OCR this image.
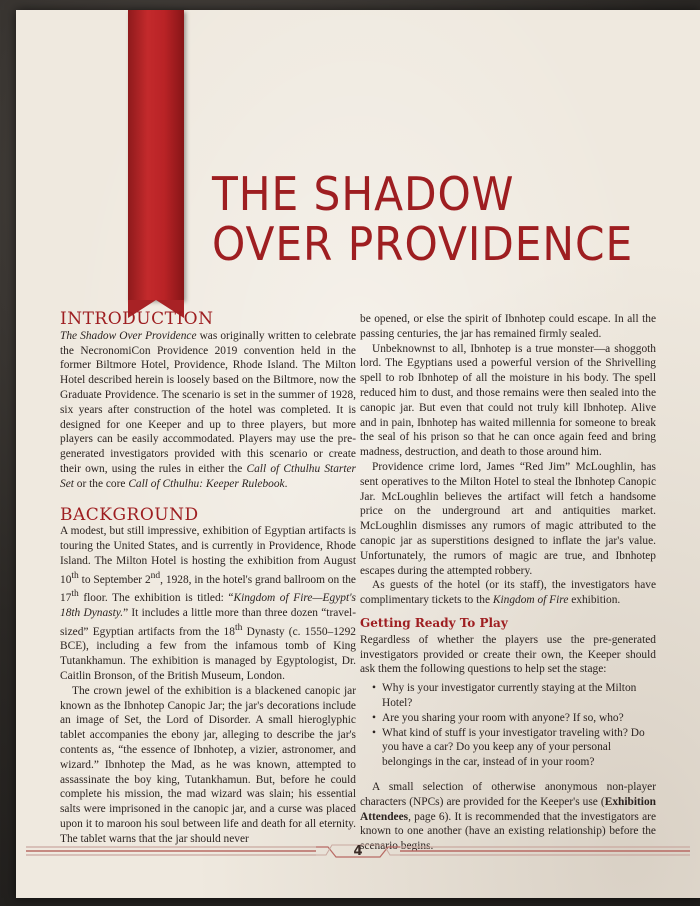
THE SHADOW
OVER PROVIDENCE
INTRODUCTION

The Shadow Over Providence was originally written to celebrate the NecronomiCon Providence 2019 convention held in the former Biltmore Hotel, Providence, Rhode Island. The Milton Hotel described herein is loosely based on the Biltmore, now the Graduate Providence. The scenario is set in the summer of 1928, six years after construction of the hotel was completed. It is designed for one Keeper and up to three players, but more players can be easily accommodated. Players may use the pre-generated investigators provided with this scenario or create their own, using the rules in either the Call of Cthulhu Starter Set or the core Call of Cthulhu: Keeper Rulebook.

BACKGROUND

A modest, but still impressive, exhibition of Egyptian artifacts is touring the United States, and is currently in Providence, Rhode Island. The Milton Hotel is hosting the exhibition from August 10th to September 2nd, 1928, in the hotel's grand ballroom on the 17th floor. The exhibition is titled: “Kingdom of Fire—Egypt's 18th Dynasty.” It includes a little more than three dozen “travel-sized” Egyptian artifacts from the 18th Dynasty (c. 1550–1292 BCE), including a few from the infamous tomb of King Tutankhamun. The exhibition is managed by Egyptologist, Dr. Caitlin Bronson, of the British Museum, London.

The crown jewel of the exhibition is a blackened canopic jar known as the Ibnhotep Canopic Jar; the jar's decorations include an image of Set, the Lord of Disorder. A small hieroglyphic tablet accompanies the ebony jar, alleging to describe the jar's contents as, “the essence of Ibnhotep, a vizier, astronomer, and wizard.” Ibnhotep the Mad, as he was known, attempted to assassinate the boy king, Tutankhamun. But, before he could complete his mission, the mad wizard was slain; his essential salts were imprisoned in the canopic jar, and a curse was placed upon it to maroon his soul between life and death for all eternity. The tablet warns that the jar should never

be opened, or else the spirit of Ibnhotep could escape. In all the passing centuries, the jar has remained firmly sealed.

Unbeknownst to all, Ibnhotep is a true monster—a shoggoth lord. The Egyptians used a powerful version of the Shrivelling spell to rob Ibnhotep of all the moisture in his body. The spell reduced him to dust, and those remains were then sealed into the canopic jar. But even that could not truly kill Ibnhotep. Alive and in pain, Ibnhotep has waited millennia for someone to break the seal of his prison so that he can once again feed and bring madness, destruction, and death to those around him.

Providence crime lord, James “Red Jim” McLoughlin, has sent operatives to the Milton Hotel to steal the Ibnhotep Canopic Jar. McLoughlin believes the artifact will fetch a handsome price on the underground art and antiquities market. McLoughlin dismisses any rumors of magic attributed to the canopic jar as superstitions designed to inflate the jar's value. Unfortunately, the rumors of magic are true, and Ibnhotep escapes during the attempted robbery.

As guests of the hotel (or its staff), the investigators have complimentary tickets to the Kingdom of Fire exhibition.

Getting Ready To Play

Regardless of whether the players use the pre-generated investigators provided or create their own, the Keeper should ask them the following questions to help set the stage:

• Why is your investigator currently staying at the Milton Hotel?
• Are you sharing your room with anyone? If so, who?
• What kind of stuff is your investigator traveling with? Do you have a car? Do you keep any of your personal belongings in the car, instead of in your room?

A small selection of otherwise anonymous non-player characters (NPCs) are provided for the Keeper's use (Exhibition Attendees, page 6). It is recommended that the investigators are known to one another (have an existing relationship) before the scenario begins.

4
